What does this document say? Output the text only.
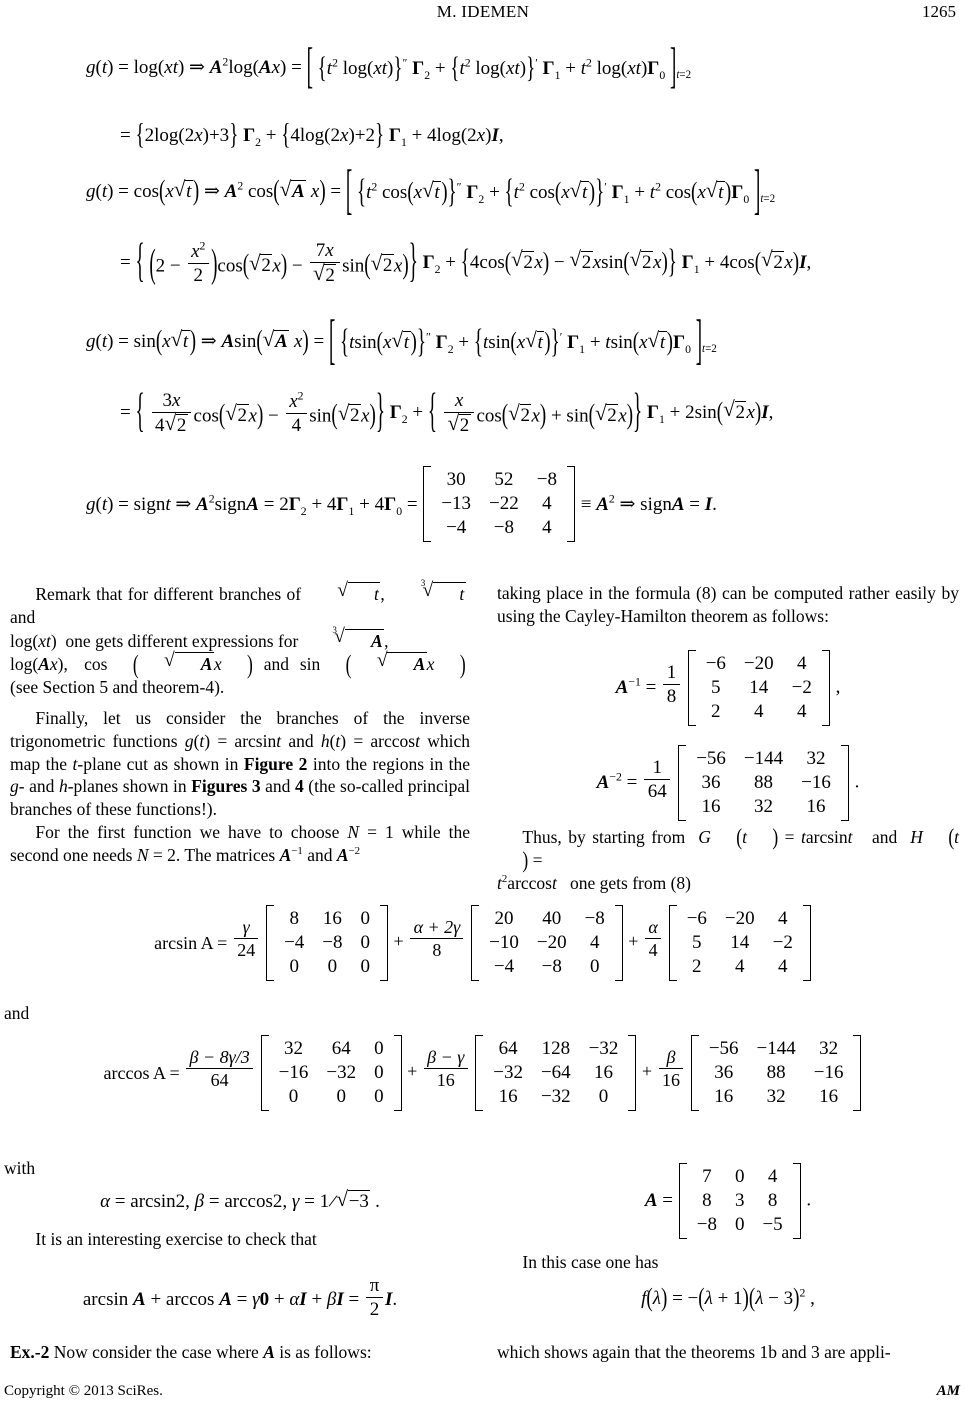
M. IDEMEN	1265
g(t) = log(xt) ⇒ $A^2\log(Ax)$ = [ {$t^2$ log(xt)}″ $\Gamma_2 + \{t^2$ log(xt)}′ $\Gamma_1 + t^2$ $\log(xt)\Gamma_0$ ]$_{t=2}$
= {2log(2x)+3} $\Gamma_2 + \{4\log(2x)+2\} \Gamma_1 + 4\log(2x)I$,
g(t) = cos(x √ t) ⇒ $A^2$ cos( √ A x) = [ {$t^2$ cos(x √ t)}″ $\Gamma_2 + \{t^2$ cos(x √ t)}′ $\Gamma_1 + t^2$ cos(x √ $t)\Gamma_0$ ]$_{t=2}$
= { $(2 - \frac{x^2}{2} )\cos$( √ 2x) − 7x
√ 2 sin( √ 2x)} $\Gamma_2 + \{4\cos$( √ 2x) − √ 2xsin( √ 2x)} $\Gamma_1 + 4\cos$( √ 2x)I,
g(t) = sin(x √ t) ⇒ Asin( √ A x) = [ {tsin(x √ t)}″ $\Gamma_2 + \{tsin(x$ √ t)}′ $\Gamma_1 + tsin(x$ √ $t)\Gamma_0$ ]$_{t=2}$
= { $\frac{3x}{4 √ 2} \cos$( √ $2x) - \frac{x^2}{4} \sin$( √ 2x)} $\Gamma_2$ + { x
√ 2 cos( √ 2x) + sin( √ 2x)} $\Gamma_1 + 2\sin$( √ 2x)I,
g(t) = signt ⇒ $A^2signA = 2\Gamma_2 + 4\Gamma_1 + 4\Gamma_0$ =
30	52	−8
−13	−22	4
−4	−8	4
≡ $A^2$ ⇒ signA = I.

Remark that for different branches of	√ t,	√ t 3  and
log(xt) one gets different expressions for	√ A 3,
log(Ax), cos (	√ Ax ) and sin (	√ Ax )  (see Section 5 and theorem-4).

Finally, let us consider the branches of the inverse trigonometric functions g(t) = arcsint and h(t) = arccost which map the t-plane cut as shown in Figure 2 into the regions in the g- and h-planes shown in Figures 3 and 4 (the so-called principal branches of these functions!).

For the first function we have to choose N = 1 while the second one needs N = 2. The matrices $A^{-1}$ and $A^{-2}$

taking place in the formula (8) can be computed rather easily by using the Cayley-Hamilton theorem as follows:

$A^{-1} = \frac{1}{8}$
−6	−20	4
5	14	−2
2	4	4
,
$A^{-2} = \frac{1}{64}$
−56	−144	32
36	88	−16
16	32	16
.

Thus, by starting from G (t ) = tarcsint and H (t) =
$t^2\arccos t$ one gets from (8)

$\arcsin A = \frac{\gamma}{24}$
8	16	0
−4	−8	0
0	0	0
+ $\frac{\alpha + 2\gamma}{8}$
20	40	−8
−10	−20	4
−4	−8	0
+ $\frac{\alpha}{4}$
−6	−20	4
5	14	−2
2	4	4

and

$\arccos A = \frac{\beta - 8\gamma/3}{64}$
32	64	0
−16	−32	0
0	0	0
+ $\frac{\beta - \gamma}{16}$
64	128	−32
−32	−64	16
16	−32	0
+ $\frac{\beta}{16}$
−56	−144	32
36	88	−16
16	32	16

with

α = arcsin2, β = arccos2, γ = 1/ √ −3 .

It is an interesting exercise to check that

$\arcsin A + \arccos A = \gamma 0 + \alpha I + \beta I = \frac{\pi}{2} I$.

Ex.-2 Now consider the case where A is as follows:

A =
7	0	4
8	3	8
−8	0	−5
.

In this case one has

$f(\lambda) = -(\lambda + 1)(\lambda - 3)^2$ ,

which shows again that the theorems 1b and 3 are appli-

Copyright © 2013 SciRes.	AM
